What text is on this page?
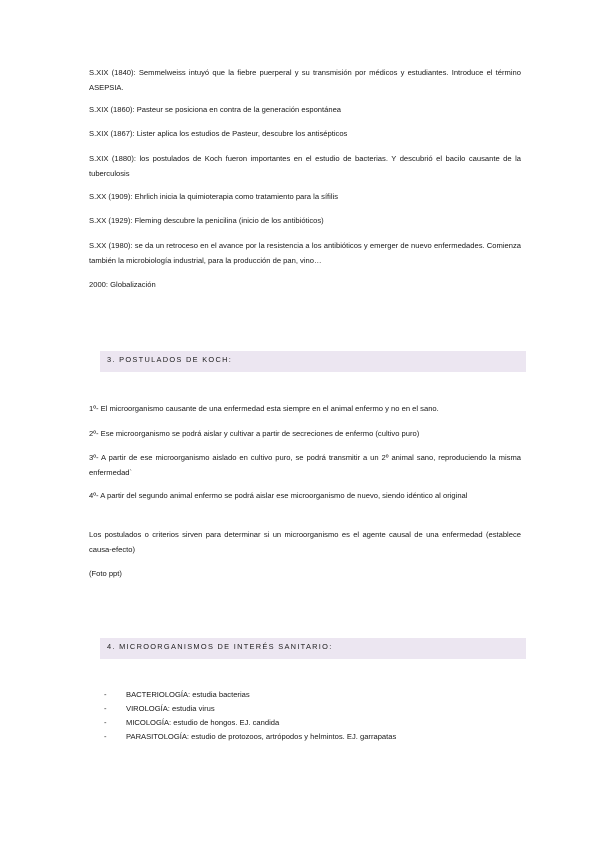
S.XIX (1840): Semmelweiss intuyó que la fiebre puerperal y su transmisión por médicos y estudiantes. Introduce el término ASEPSIA.

S.XIX (1860): Pasteur se posiciona en contra de la generación espontánea

S.XIX (1867): Lister aplica los estudios de Pasteur, descubre los antisépticos

S.XIX (1880): los postulados de Koch fueron importantes en el estudio de bacterias. Y descubrió el bacilo causante de la tuberculosis

S.XX (1909): Ehrlich inicia la quimioterapia como tratamiento para la sífilis

S.XX (1929): Fleming descubre la penicilina (inicio de los antibióticos)

S.XX (1980): se da un retroceso en el avance por la resistencia a los antibióticos y emerger de nuevo enfermedades. Comienza también la microbiología industrial, para la producción de pan, vino…

2000: Globalización

3. POSTULADOS DE KOCH:

1º- El microorganismo causante de una enfermedad esta siempre en el animal enfermo y no en el sano.

2º- Ese microorganismo se podrá aislar y cultivar a partir de secreciones de enfermo (cultivo puro)

3º- A partir de ese microorganismo aislado en cultivo puro, se podrá transmitir a un 2º animal sano, reproduciendo la misma enfermedad`

4º- A partir del segundo animal enfermo se podrá aislar ese microorganismo de nuevo, siendo idéntico al original

Los postulados o criterios sirven para determinar si un microorganismo es el agente causal de una enfermedad (establece causa-efecto)

(Foto ppt)

4. MICROORGANISMOS DE INTERÉS SANITARIO:
-	BACTERIOLOGÍA: estudia bacterias
-	VIROLOGÍA: estudia virus
-	MICOLOGÍA: estudio de hongos. EJ. candida
-	PARASITOLOGÍA: estudio de protozoos, artrópodos y helmintos. EJ. garrapatas
